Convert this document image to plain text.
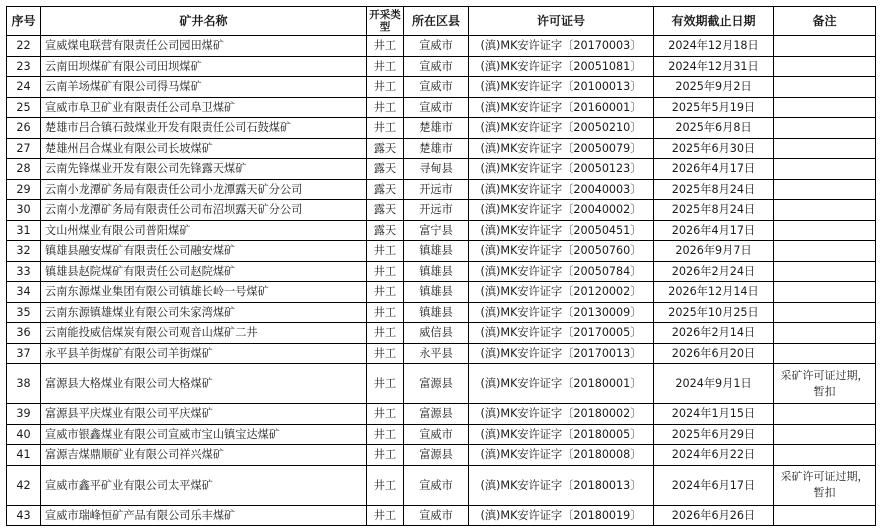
序号	矿井名称	开采类型	所在区县	许可证号	有效期截止日期	备注
22	宣威煤电联营有限责任公司园田煤矿	井工	宣威市	(滇)MK安许证字〔20170003〕	2024年12月18日	
23	云南田坝煤矿有限公司田坝煤矿	井工	宣威市	(滇)MK安许证字〔20051081〕	2024年12月31日	
24	云南羊场煤矿有限公司得马煤矿	井工	宣威市	(滇)MK安许证字〔20100013〕	2025年9月2日	
25	宣威市阜卫矿业有限责任公司阜卫煤矿	井工	宣威市	(滇)MK安许证字〔20160001〕	2025年5月19日	
26	楚雄市吕合镇石鼓煤业开发有限责任公司石鼓煤矿	井工	楚雄市	(滇)MK安许证字〔20050210〕	2025年6月8日	
27	楚雄州吕合煤业有限公司长坡煤矿	露天	楚雄市	(滇)MK安许证字〔20050079〕	2025年6月30日	
28	云南先锋煤业开发有限公司先锋露天煤矿	露天	寻甸县	(滇)MK安许证字〔20050123〕	2026年4月17日	
29	云南小龙潭矿务局有限责任公司小龙潭露天矿分公司	露天	开远市	(滇)MK安许证字〔20040003〕	2025年8月24日	
30	云南小龙潭矿务局有限责任公司布沼坝露天矿分公司	露天	开远市	(滇)MK安许证字〔20040002〕	2025年8月24日	
31	文山州煤业有限公司普阳煤矿	露天	富宁县	(滇)MK安许证字〔20050451〕	2026年4月17日	
32	镇雄县融安煤矿有限责任公司融安煤矿	井工	镇雄县	(滇)MK安许证字〔20050760〕	2026年9月7日	
33	镇雄县赵院煤矿有限责任公司赵院煤矿	井工	镇雄县	(滇)MK安许证字〔20050784〕	2026年2月24日	
34	云南东源煤业集团有限公司镇雄长岭一号煤矿	井工	镇雄县	(滇)MK安许证字〔20120002〕	2026年12月14日	
35	云南东源镇雄煤业有限公司朱家湾煤矿	井工	镇雄县	(滇)MK安许证字〔20130009〕	2025年10月25日	
36	云南能投威信煤炭有限公司观音山煤矿二井	井工	威信县	(滇)MK安许证字〔20170005〕	2026年2月14日	
37	永平县羊街煤矿有限公司羊街煤矿	井工	永平县	(滇)MK安许证字〔20170013〕	2026年6月20日	
38	富源县大格煤业有限公司大格煤矿	井工	富源县	(滇)MK安许证字〔20180001〕	2024年9月1日	采矿许可证过期，暂扣
39	富源县平庆煤业有限公司平庆煤矿	井工	富源县	(滇)MK安许证字〔20180002〕	2024年1月15日	
40	宣威市银鑫煤业有限公司宣威市宝山镇宝达煤矿	井工	宣威市	(滇)MK安许证字〔20180005〕	2025年6月29日	
41	富源吉煤鼎顺矿业有限公司祥兴煤矿	井工	富源县	(滇)MK安许证字〔20180008〕	2024年6月22日	
42	宣威市鑫平矿业有限公司太平煤矿	井工	宣威市	(滇)MK安许证字〔20180013〕	2024年6月17日	采矿许可证过期，暂扣
43	宣威市瑞峰恒矿产品有限公司乐丰煤矿	井工	宣威市	(滇)MK安许证字〔20180019〕	2026年6月26日	
